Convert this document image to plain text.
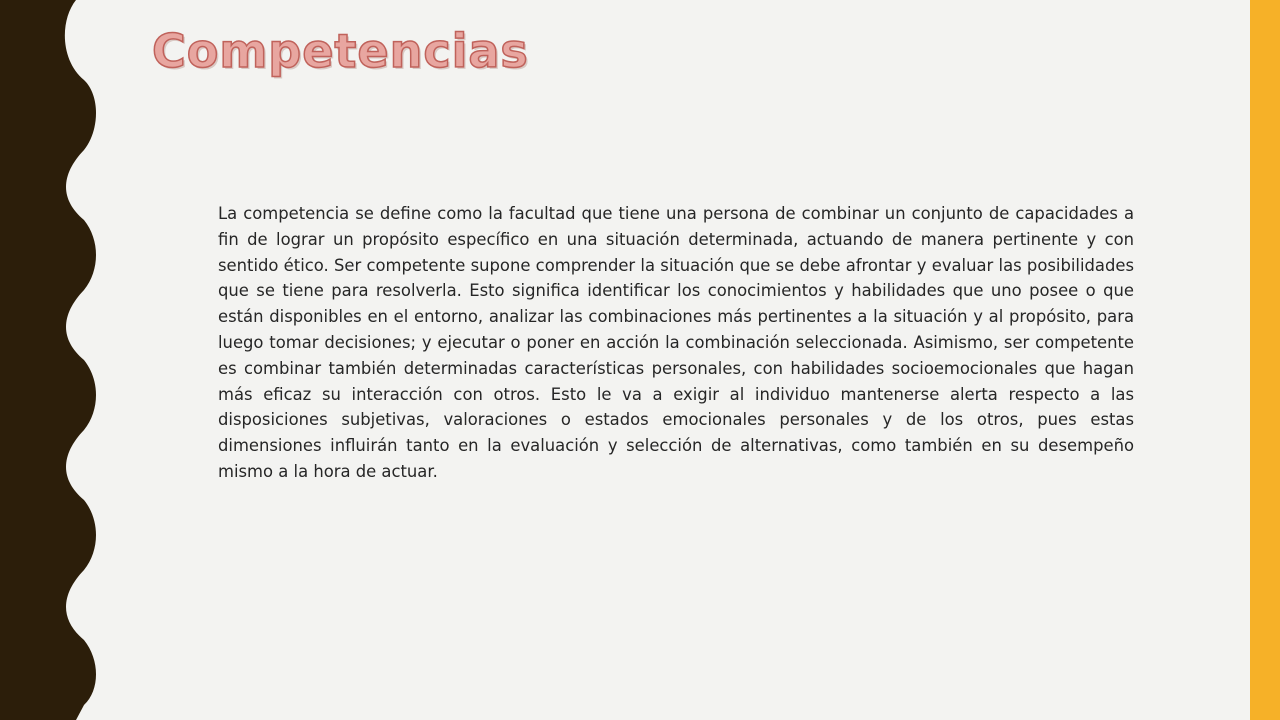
Competencias

La competencia se define como la facultad que tiene una persona de combinar un conjunto de capacidades a fin de lograr un propósito específico en una situación determinada, actuando de manera pertinente y con sentido ético. Ser competente supone comprender la situación que se debe afrontar y evaluar las posibilidades que se tiene para resolverla. Esto significa identificar los conocimientos y habilidades que uno posee o que están disponibles en el entorno, analizar las combinaciones más pertinentes a la situación y al propósito, para luego tomar decisiones; y ejecutar o poner en acción la combinación seleccionada. Asimismo, ser competente es combinar también determinadas características personales, con habilidades socioemocionales que hagan más eficaz su interacción con otros. Esto le va a exigir al individuo mantenerse alerta respecto a las disposiciones subjetivas, valoraciones o estados emocionales personales y de los otros, pues estas dimensiones influirán tanto en la evaluación y selección de alternativas, como también en su desempeño mismo a la hora de actuar.
